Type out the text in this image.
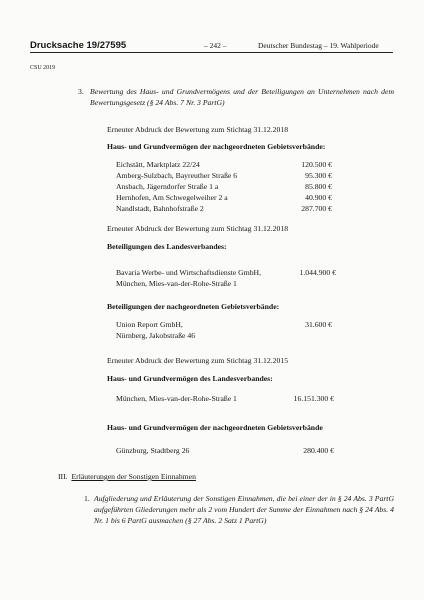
Drucksache 19/27595	– 242 –	Deutscher Bundestag – 19. Wahlperiode
CSU 2019
3. Bewertung des Haus- und Grundvermögens und der Beteiligungen an Unternehmen nach dem Bewertungsgesetz (§ 24 Abs. 7 Nr. 3 PartG)
Erneuter Abdruck der Bewertung zum Stichtag 31.12.2018
Haus- und Grundvermögen der nachgeordneten Gebietsverbände:
Eichstätt, Marktplatz 22/24	120.500 €
Amberg-Sulzbach, Bayreuther Straße 6	95.300 €
Ansbach, Jägerndorfer Straße 1 a	85.800 €
Hernhofen, Am Schwegelweiher 2 a	40.900 €
Nandlstadt, Bahnhofstraße 2	287.700 €
Erneuter Abdruck der Bewertung zum Stichtag 31.12.2018
Beteiligungen des Landesverbandes:
Bavaria Werbe- und Wirtschaftsdienste GmbH,	1.044.900 €
München, Mies-van-der-Rohe-Straße 1
Beteiligungen der nachgeordneten Gebietsverbände:
Union Report GmbH,	31.600 €
Nürnberg, Jakobstraße 46
Erneuter Abdruck der Bewertung zum Stichtag 31.12.2015
Haus- und Grundvermögen des Landesverbandes:
München, Mies-van-der-Rohe-Straße 1	16.151.300 €
Haus- und Grundvermögen der nachgeordneten Gebietsverbände
Günzburg, Stadtberg 26	280.400 €
III. Erläuterungen der Sonstigen Einnahmen
1. Aufgliederung und Erläuterung der Sonstigen Einnahmen, die bei einer der in § 24 Abs. 3 PartG aufgeführten Gliederungen mehr als 2 vom Hundert der Summe der Einnahmen nach § 24 Abs. 4 Nr. 1 bis 6 PartG ausmachen (§ 27 Abs. 2 Satz 1 PartG)
